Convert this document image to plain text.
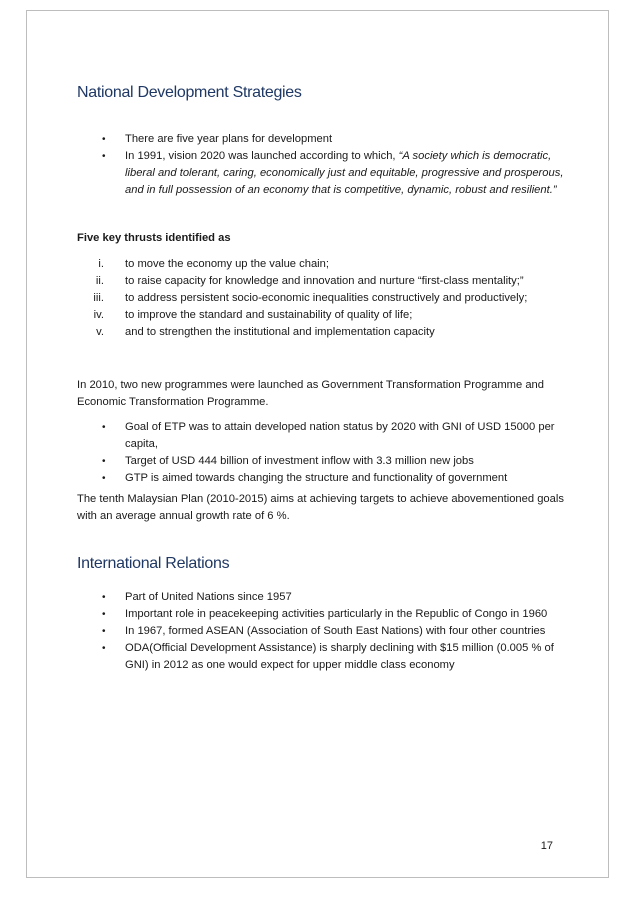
National Development Strategies
• There are five year plans for development
• In 1991, vision 2020 was launched according to which, “A society which is democratic, liberal and tolerant, caring, economically just and equitable, progressive and prosperous, and in full possession of an economy that is competitive, dynamic, robust and resilient.”

Five key thrusts identified as

i. to move the economy up the value chain;
ii. to raise capacity for knowledge and innovation and nurture “first-class mentality;”
iii. to address persistent socio-economic inequalities constructively and productively;
iv. to improve the standard and sustainability of quality of life;
v. and to strengthen the institutional and implementation capacity

In 2010, two new programmes were launched as Government Transformation Programme and Economic Transformation Programme.

• Goal of ETP was to attain developed nation status by 2020 with GNI of USD 15000 per capita,
• Target of USD 444 billion of investment inflow with 3.3 million new jobs
• GTP is aimed towards changing the structure and functionality of government

The tenth Malaysian Plan (2010-2015) aims at achieving targets to achieve abovementioned goals with an average annual growth rate of 6 %.

International Relations
• Part of United Nations since 1957
• Important role in peacekeeping activities particularly in the Republic of Congo in 1960
• In 1967, formed ASEAN (Association of South East Nations) with four other countries
• ODA(Official Development Assistance) is sharply declining with $15 million (0.005 % of GNI) in 2012 as one would expect for upper middle class economy
17
